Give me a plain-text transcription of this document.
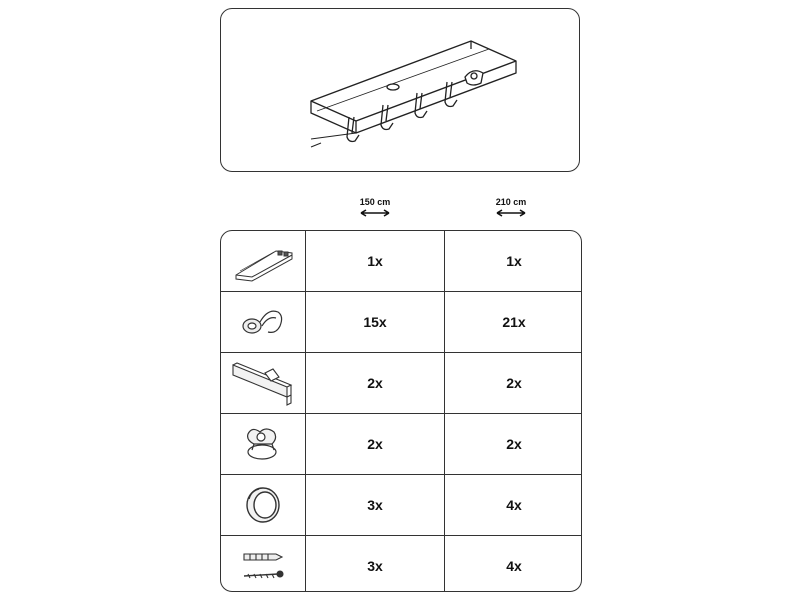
150 cm	210 cm
1x	1x
15x	21x
2x	2x
2x	2x
3x	4x
3x	4x
